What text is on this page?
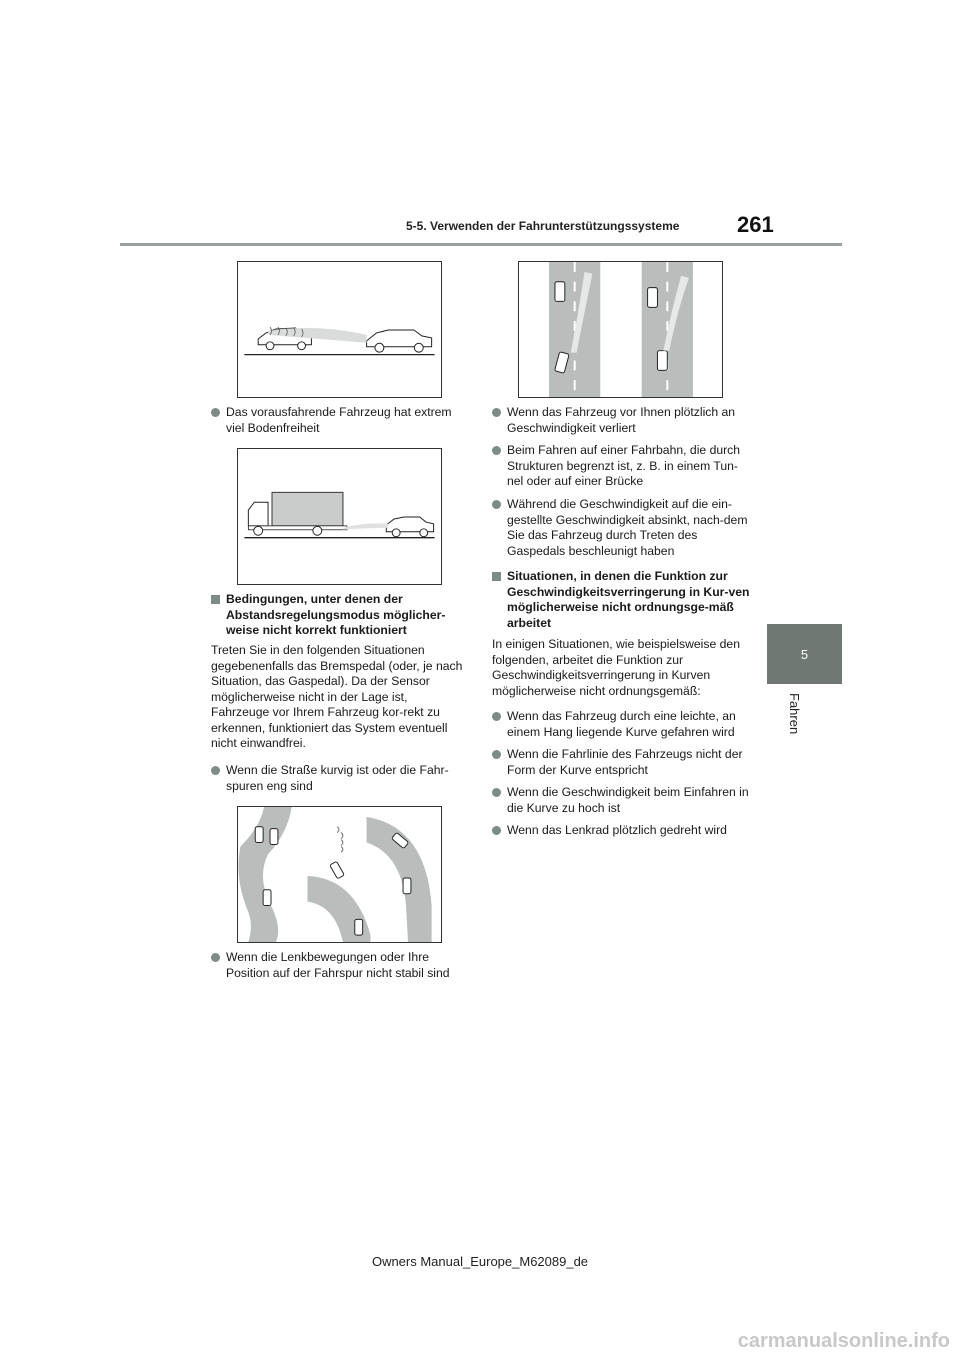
5-5. Verwenden der Fahrunterstützungssysteme	261
5
Fahren
Das vorausfahrende Fahrzeug hat extrem viel Bodenfreiheit
Bedingungen, unter denen der Abstandsregelungsmodus möglicher-weise nicht korrekt funktioniert
Treten Sie in den folgenden Situationen gegebenenfalls das Bremspedal (oder, je nach Situation, das Gaspedal). Da der Sensor möglicherweise nicht in der Lage ist, Fahrzeuge vor Ihrem Fahrzeug kor-rekt zu erkennen, funktioniert das System eventuell nicht einwandfrei.
Wenn die Straße kurvig ist oder die Fahr-spuren eng sind
Wenn die Lenkbewegungen oder Ihre Position auf der Fahrspur nicht stabil sind
Wenn das Fahrzeug vor Ihnen plötzlich an Geschwindigkeit verliert
Beim Fahren auf einer Fahrbahn, die durch Strukturen begrenzt ist, z. B. in einem Tun-nel oder auf einer Brücke
Während die Geschwindigkeit auf die ein-gestellte Geschwindigkeit absinkt, nach-dem Sie das Fahrzeug durch Treten des Gaspedals beschleunigt haben
Situationen, in denen die Funktion zur Geschwindigkeitsverringerung in Kur-ven möglicherweise nicht ordnungsge-mäß arbeitet
In einigen Situationen, wie beispielsweise den folgenden, arbeitet die Funktion zur Geschwindigkeitsverringerung in Kurven möglicherweise nicht ordnungsgemäß:
Wenn das Fahrzeug durch eine leichte, an einem Hang liegende Kurve gefahren wird
Wenn die Fahrlinie des Fahrzeugs nicht der Form der Kurve entspricht
Wenn die Geschwindigkeit beim Einfahren in die Kurve zu hoch ist
Wenn das Lenkrad plötzlich gedreht wird
Owners Manual_Europe_M62089_de
carmanualsonline.info
